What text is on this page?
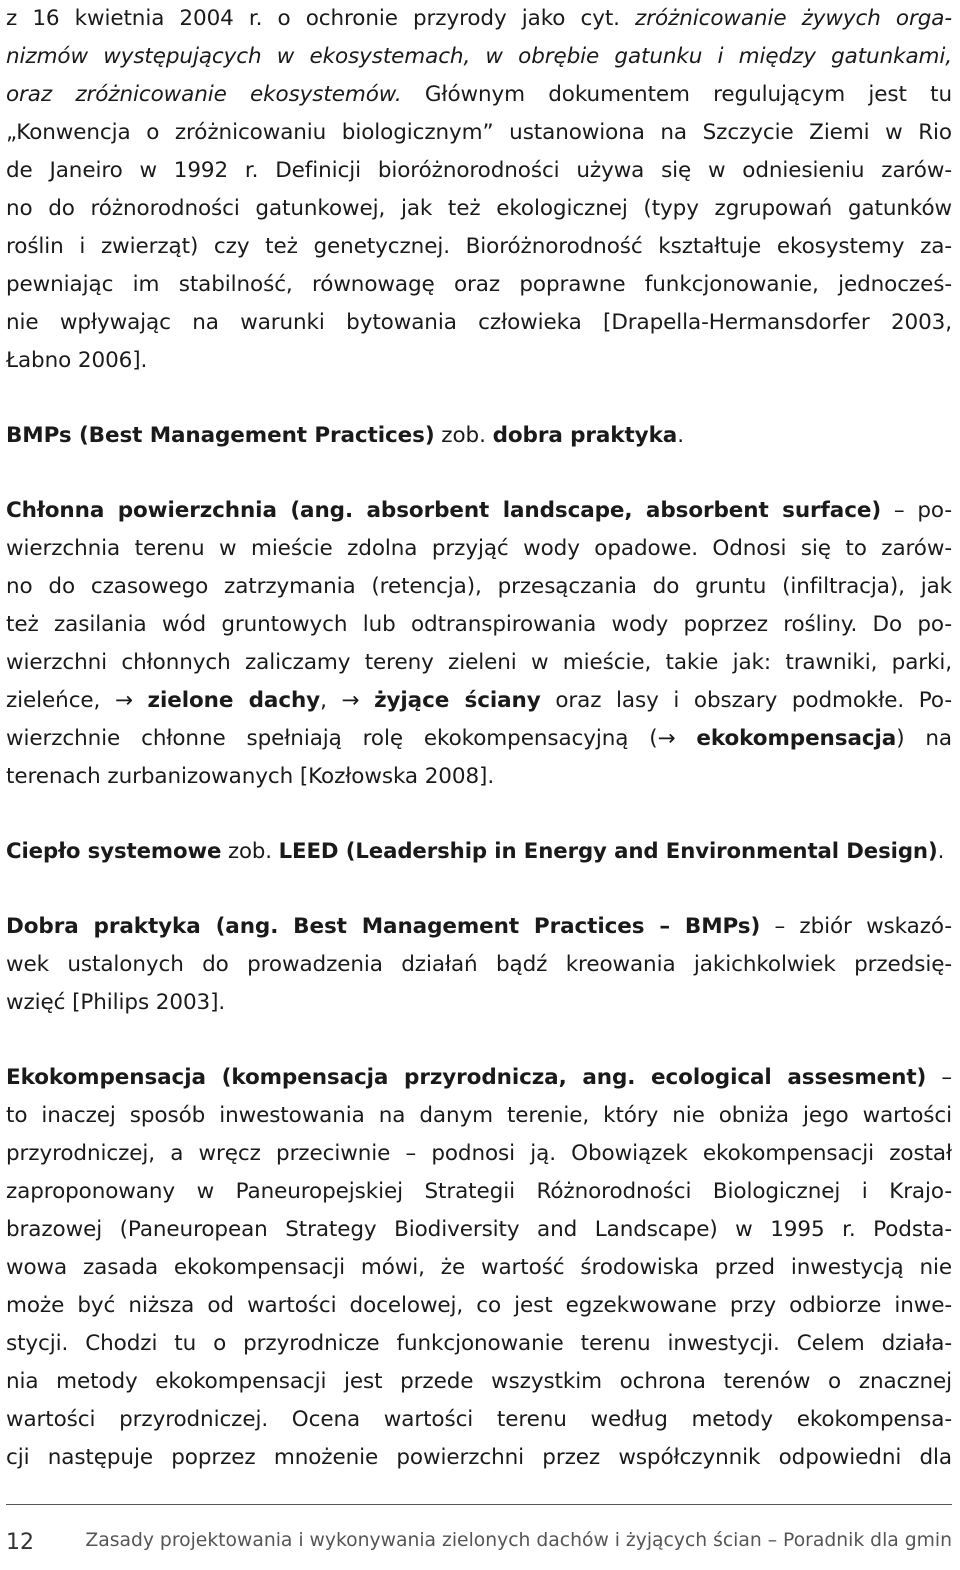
z 16 kwietnia 2004 r. o ochronie przyrody jako cyt. zróżnicowanie żywych orga-
nizmów występujących w ekosystemach, w obrębie gatunku i między gatunkami,
oraz zróżnicowanie ekosystemów. Głównym dokumentem regulującym jest tu
„Konwencja o zróżnicowaniu biologicznym” ustanowiona na Szczycie Ziemi w Rio
de Janeiro w 1992 r. Definicji bioróżnorodności używa się w odniesieniu zarów-
no do różnorodności gatunkowej, jak też ekologicznej (typy zgrupowań gatunków
roślin i zwierząt) czy też genetycznej. Bioróżnorodność kształtuje ekosystemy za-
pewniając im stabilność, równowagę oraz poprawne funkcjonowanie, jednocześ-
nie wpływając na warunki bytowania człowieka [Drapella-Hermansdorfer 2003,
Łabno 2006].
BMPs (Best Management Practices) zob. dobra praktyka.
Chłonna powierzchnia (ang. absorbent landscape, absorbent surface) – po-
wierzchnia terenu w mieście zdolna przyjąć wody opadowe. Odnosi się to zarów-
no do czasowego zatrzymania (retencja), przesączania do gruntu (infiltracja), jak
też zasilania wód gruntowych lub odtranspirowania wody poprzez rośliny. Do po-
wierzchni chłonnych zaliczamy tereny zieleni w mieście, takie jak: trawniki, parki,
zieleńce, → zielone dachy, → żyjące ściany oraz lasy i obszary podmokłe. Po-
wierzchnie chłonne spełniają rolę ekokompensacyjną (→ ekokompensacja) na
terenach zurbanizowanych [Kozłowska 2008].
Ciepło systemowe zob. LEED (Leadership in Energy and Environmental Design).
Dobra praktyka (ang. Best Management Practices – BMPs) – zbiór wskazó-
wek ustalonych do prowadzenia działań bądź kreowania jakichkolwiek przedsię-
wzięć [Philips 2003].
Ekokompensacja (kompensacja przyrodnicza, ang. ecological assesment) –
to inaczej sposób inwestowania na danym terenie, który nie obniża jego wartości
przyrodniczej, a wręcz przeciwnie – podnosi ją. Obowiązek ekokompensacji został
zaproponowany w Paneuropejskiej Strategii Różnorodności Biologicznej i Krajo-
brazowej (Paneuropean Strategy Biodiversity and Landscape) w 1995 r. Podsta-
wowa zasada ekokompensacji mówi, że wartość środowiska przed inwestycją nie
może być niższa od wartości docelowej, co jest egzekwowane przy odbiorze inwe-
stycji. Chodzi tu o przyrodnicze funkcjonowanie terenu inwestycji. Celem działa-
nia metody ekokompensacji jest przede wszystkim ochrona terenów o znacznej
wartości przyrodniczej. Ocena wartości terenu według metody ekokompensa-
cji następuje poprzez mnożenie powierzchni przez współczynnik odpowiedni dla
12	Zasady projektowania i wykonywania zielonych dachów i żyjących ścian – Poradnik dla gmin
